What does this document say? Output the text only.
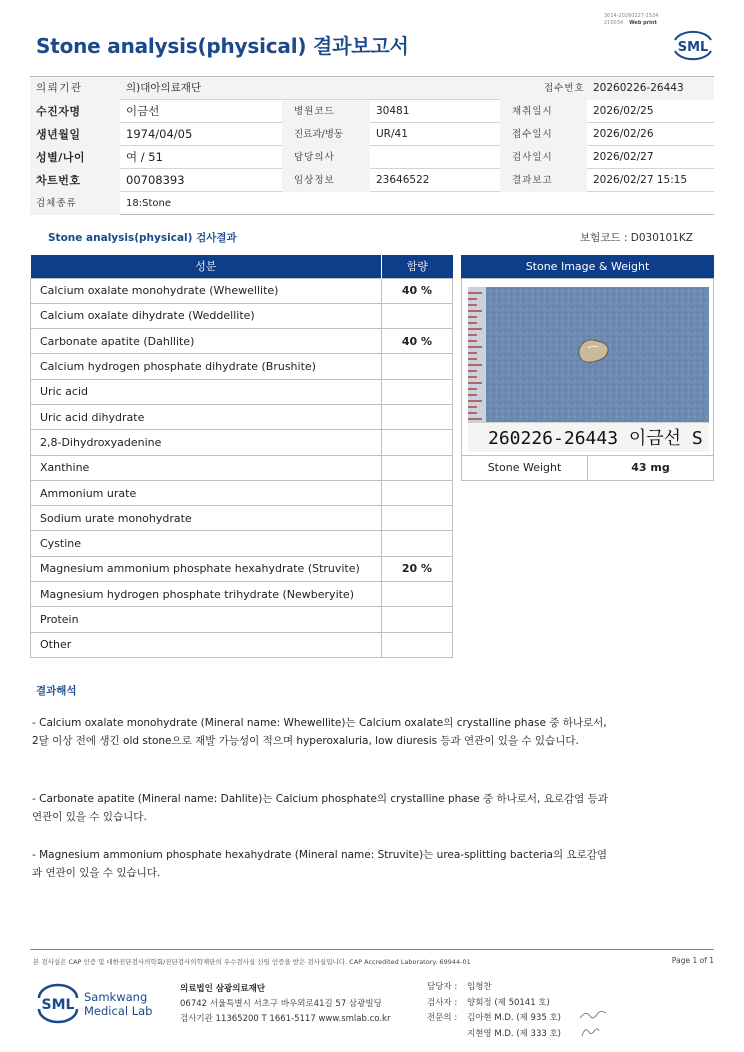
3014-20260227-1534
210034 Web print
Stone analysis(physical) 결과보고서	SML
의뢰기관	의)대아의료재단	접수번호 20260226-26443
수진자명	이금선	병원코드	30481	채취일시	2026/02/25
생년월일	1974/04/05	진료과/병동	UR/41	접수일시	2026/02/26
성별/나이	여 / 51	담당의사	검사일시	2026/02/27
차트번호	00708393	임상정보	23646522	결과보고	2026/02/27 15:15
검체종류	18:Stone
Stone analysis(physical) 검사결과	보험코드 : D030101KZ
성분	함량
Calcium oxalate monohydrate (Whewellite)	40 %
Calcium oxalate dihydrate (Weddellite)	
Carbonate apatite (Dahllite)	40 %
Calcium hydrogen phosphate dihydrate (Brushite)	
Uric acid	
Uric acid dihydrate	
2,8-Dihydroxyadenine	
Xanthine	
Ammonium urate	
Sodium urate monohydrate	
Cystine	
Magnesium ammonium phosphate hexahydrate (Struvite)	20 %
Magnesium hydrogen phosphate trihydrate (Newberyite)	
Protein	
Other	
Stone Image & Weight
260226-26443 이금선 S
Stone Weight	43 mg
결과해석
- Calcium oxalate monohydrate (Mineral name: Whewellite)는 Calcium oxalate의 crystalline phase 중 하나로서, 2달 이상 전에 생긴 old stone으로 재발 가능성이 적으며 hyperoxaluria, low diuresis 등과 연관이 있을 수 있습니다.
- Carbonate apatite (Mineral name: Dahlite)는 Calcium phosphate의 crystalline phase 중 하나로서, 요로감염 등과 연관이 있을 수 있습니다.
- Magnesium ammonium phosphate hexahydrate (Mineral name: Struvite)는 urea-splitting bacteria의 요로감염과 연관이 있을 수 있습니다.
본 검사실은 CAP 인증 및 대한진단검사의학회/진단검사의학재단의 우수검사실 신임 인증을 받은 검사실입니다. CAP Accredited Laboratory. 69944-01	Page 1 of 1
SML Samkwang
Medical Lab
의료법인 삼광의료재단
06742 서울특별시 서초구 바우뫼로41길 57 삼광빌딩
검사기관 11365200 T 1661-5117 www.smlab.co.kr
담당자 :	임형찬
검사자 :	양회정 (제 50141 호)
전문의 :	김아현 M.D. (제 935 호)
지현영 M.D. (제 333 호)
